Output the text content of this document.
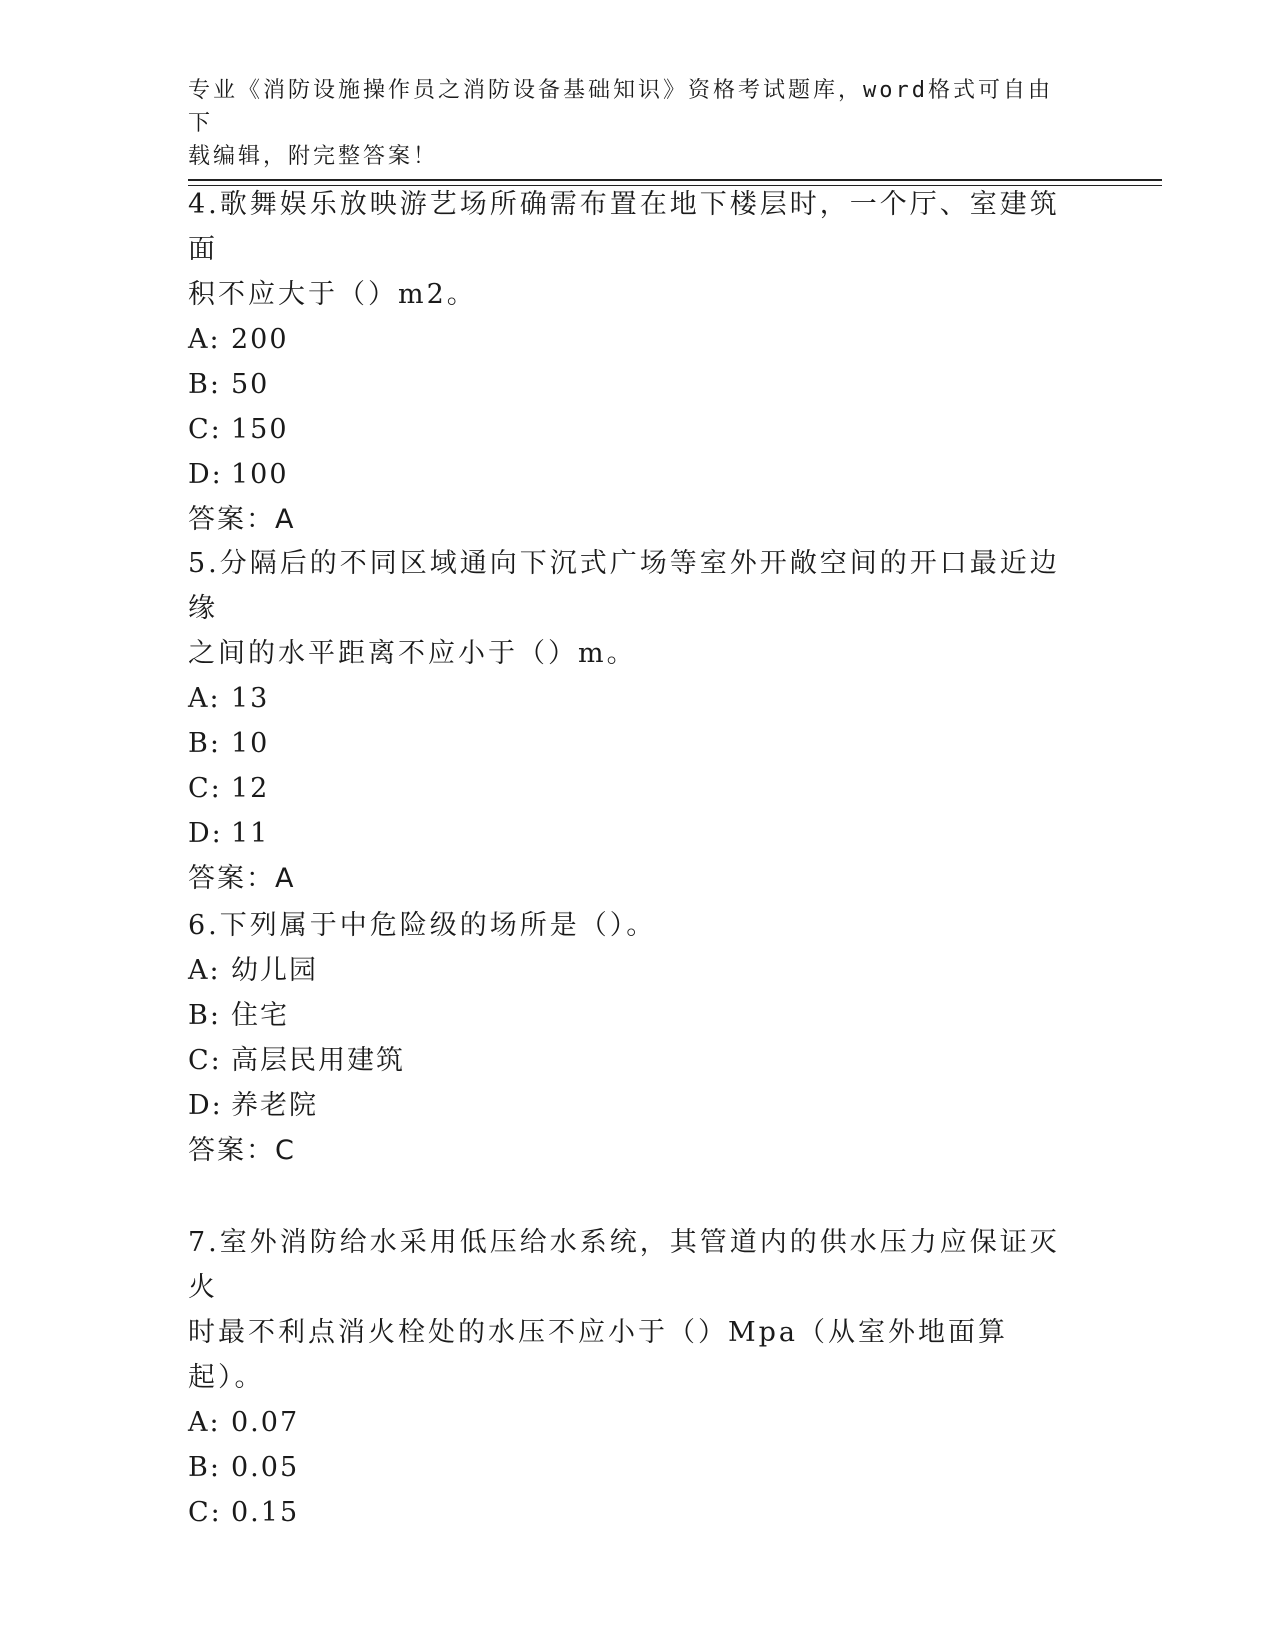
专业《消防设施操作员之消防设备基础知识》资格考试题库，word格式可自由下
载编辑，附完整答案！

4.歌舞娱乐放映游艺场所确需布置在地下楼层时，一个厅、室建筑面

积不应大于（）m2。

A: 200

B: 50

C: 150

D: 100

答案：A

5.分隔后的不同区域通向下沉式广场等室外开敞空间的开口最近边缘

之间的水平距离不应小于（）m。

A: 13

B: 10

C: 12

D: 11

答案：A

6.下列属于中危险级的场所是（）。

A: 幼儿园

B: 住宅

C: 高层民用建筑

D: 养老院

答案：C

7.室外消防给水采用低压给水系统，其管道内的供水压力应保证灭火

时最不利点消火栓处的水压不应小于（）Mpa（从室外地面算起）。

A: 0.07

B: 0.05

C: 0.15
